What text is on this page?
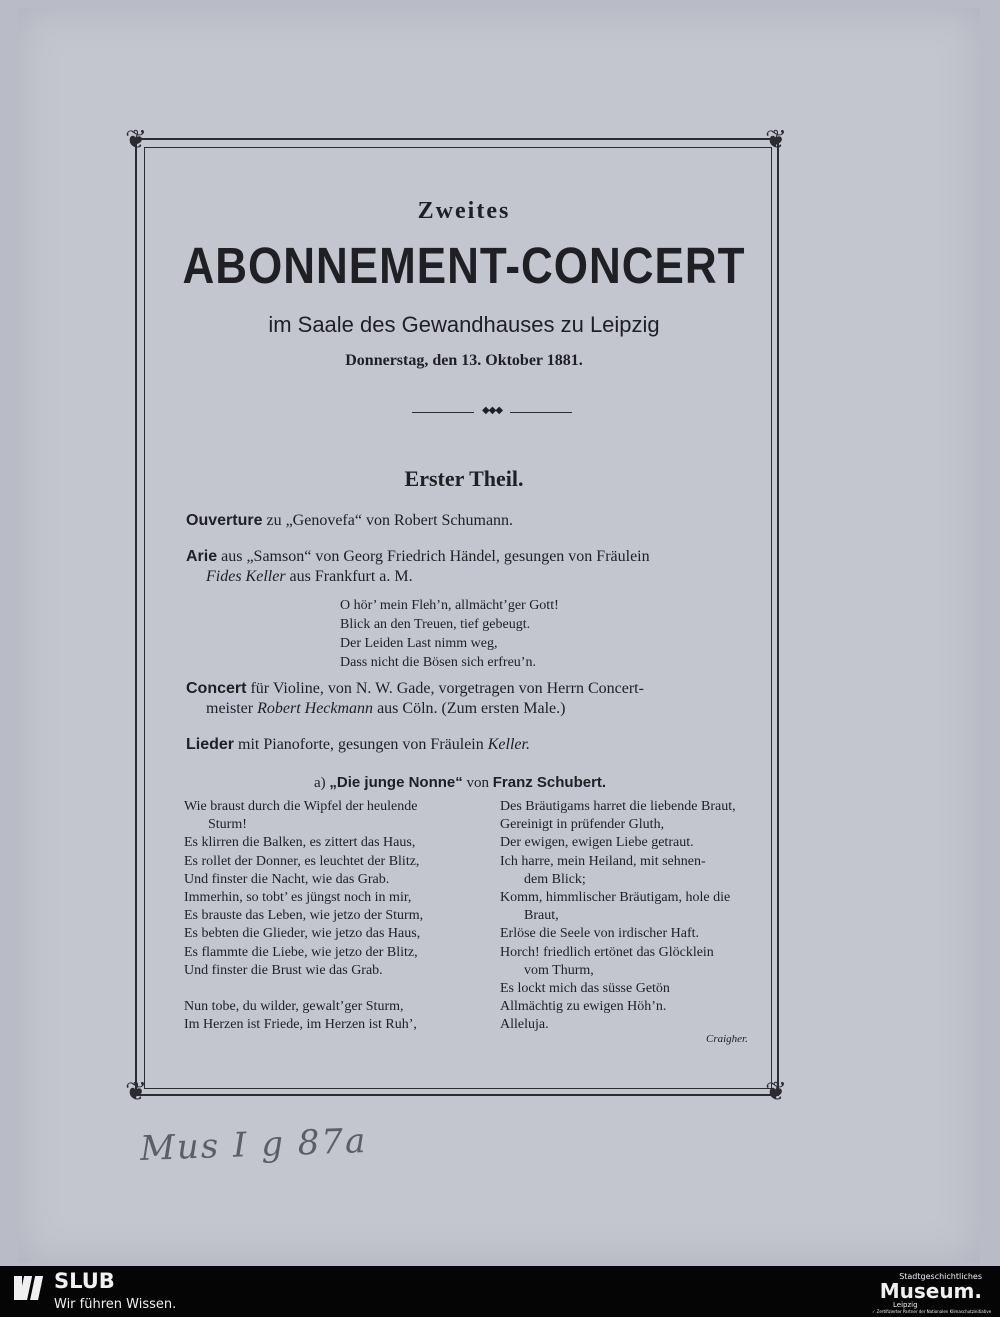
❦	❦
❦	❦
Zweites
ABONNEMENT-CONCERT
im Saale des Gewandhauses zu Leipzig
Donnerstag, den 13. Oktober 1881.
◆◆◆
Erster Theil.
Ouverture zu „Genovefa“ von Robert Schumann.
Arie aus „Samson“ von Georg Friedrich Händel, gesungen von Fräulein
Fides Keller aus Frankfurt a. M.
O hör’ mein Fleh’n, allmächt’ger Gott!
Blick an den Treuen, tief gebeugt.
Der Leiden Last nimm weg,
Dass nicht die Bösen sich erfreu’n.
Concert für Violine, von N. W. Gade, vorgetragen von Herrn Concert-
meister Robert Heckmann aus Cöln. (Zum ersten Male.)
Lieder mit Pianoforte, gesungen von Fräulein Keller.
a) „Die junge Nonne“ von Franz Schubert.
Wie braust durch die Wipfel der heulende
Sturm!
Es klirren die Balken, es zittert das Haus,
Es rollet der Donner, es leuchtet der Blitz,
Und finster die Nacht, wie das Grab.
Immerhin, so tobt’ es jüngst noch in mir,
Es brauste das Leben, wie jetzo der Sturm,
Es bebten die Glieder, wie jetzo das Haus,
Es flammte die Liebe, wie jetzo der Blitz,
Und finster die Brust wie das Grab.
Nun tobe, du wilder, gewalt’ger Sturm,
Im Herzen ist Friede, im Herzen ist Ruh’,
Des Bräutigams harret die liebende Braut,
Gereinigt in prüfender Gluth,
Der ewigen, ewigen Liebe getraut.
Ich harre, mein Heiland, mit sehnen-
dem Blick;
Komm, himmlischer Bräutigam, hole die
Braut,
Erlöse die Seele von irdischer Haft.
Horch! friedlich ertönet das Glöcklein
vom Thurm,
Es lockt mich das süsse Getön
Allmächtig zu ewigen Höh’n.
Alleluja.
Craigher.
Mus I g 87a
SLUB
Wir führen Wissen.
Stadtgeschichtliches
Museum.
Leipzig
✓ Zertifizierter Partner der Nationalen Klimaschutzinitiative
